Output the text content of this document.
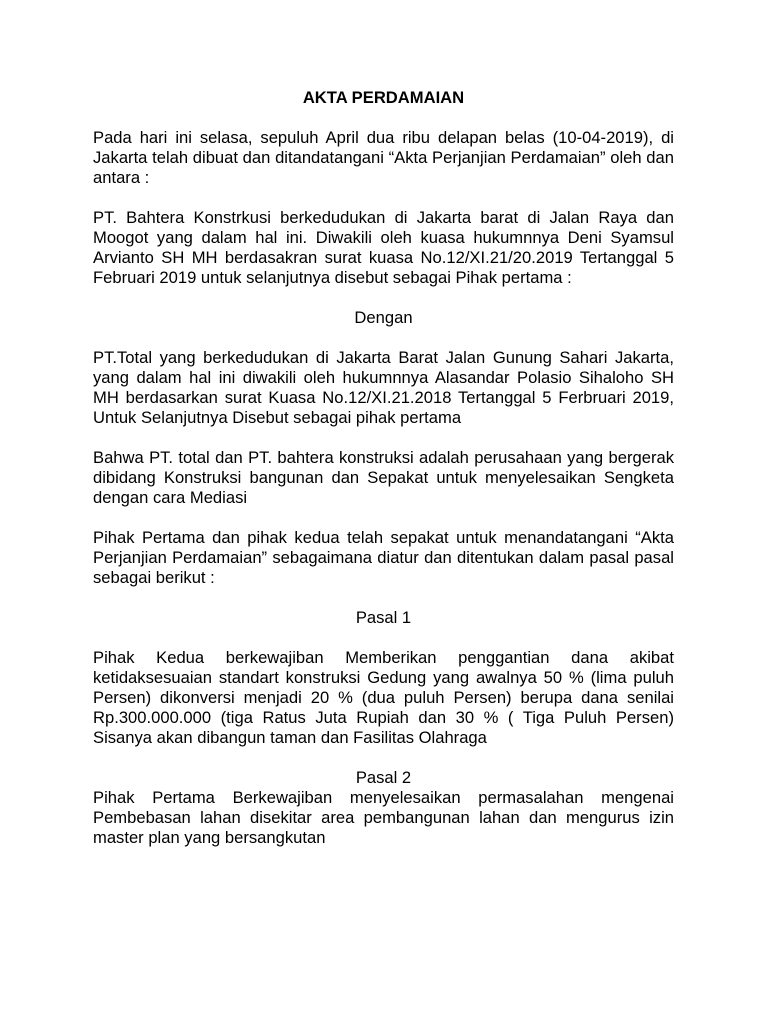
AKTA PERDAMAIAN

Pada hari ini selasa, sepuluh April dua ribu delapan belas (10-04-2019), di Jakarta telah dibuat dan ditandatangani “Akta Perjanjian Perdamaian” oleh dan antara :

PT. Bahtera Konstrkusi berkedudukan di Jakarta barat di Jalan Raya dan Moogot yang dalam hal ini. Diwakili oleh kuasa hukumnnya Deni Syamsul Arvianto SH MH berdasakran surat kuasa No.12/XI.21/20.2019 Tertanggal 5 Februari 2019 untuk selanjutnya disebut sebagai Pihak pertama :

Dengan

PT.Total yang berkedudukan di Jakarta Barat Jalan Gunung Sahari Jakarta, yang dalam hal ini diwakili oleh hukumnnya Alasandar Polasio Sihaloho SH MH berdasarkan surat Kuasa No.12/XI.21.2018 Tertanggal 5 Ferbruari 2019, Untuk Selanjutnya Disebut sebagai pihak pertama

Bahwa PT. total dan PT. bahtera konstruksi adalah perusahaan yang bergerak dibidang Konstruksi bangunan dan Sepakat untuk menyelesaikan Sengketa dengan cara Mediasi

Pihak Pertama dan pihak kedua telah sepakat untuk menandatangani “Akta Perjanjian Perdamaian” sebagaimana diatur dan ditentukan dalam pasal pasal sebagai berikut :

Pasal 1

Pihak Kedua berkewajiban Memberikan penggantian dana akibat ketidaksesuaian standart konstruksi Gedung yang awalnya 50 % (lima puluh Persen) dikonversi menjadi 20 % (dua puluh Persen) berupa dana senilai Rp.300.000.000 (tiga Ratus Juta Rupiah dan 30 % ( Tiga Puluh Persen) Sisanya akan dibangun taman dan Fasilitas Olahraga

Pasal 2

Pihak Pertama Berkewajiban menyelesaikan permasalahan mengenai Pembebasan lahan disekitar area pembangunan lahan dan mengurus izin master plan yang bersangkutan
